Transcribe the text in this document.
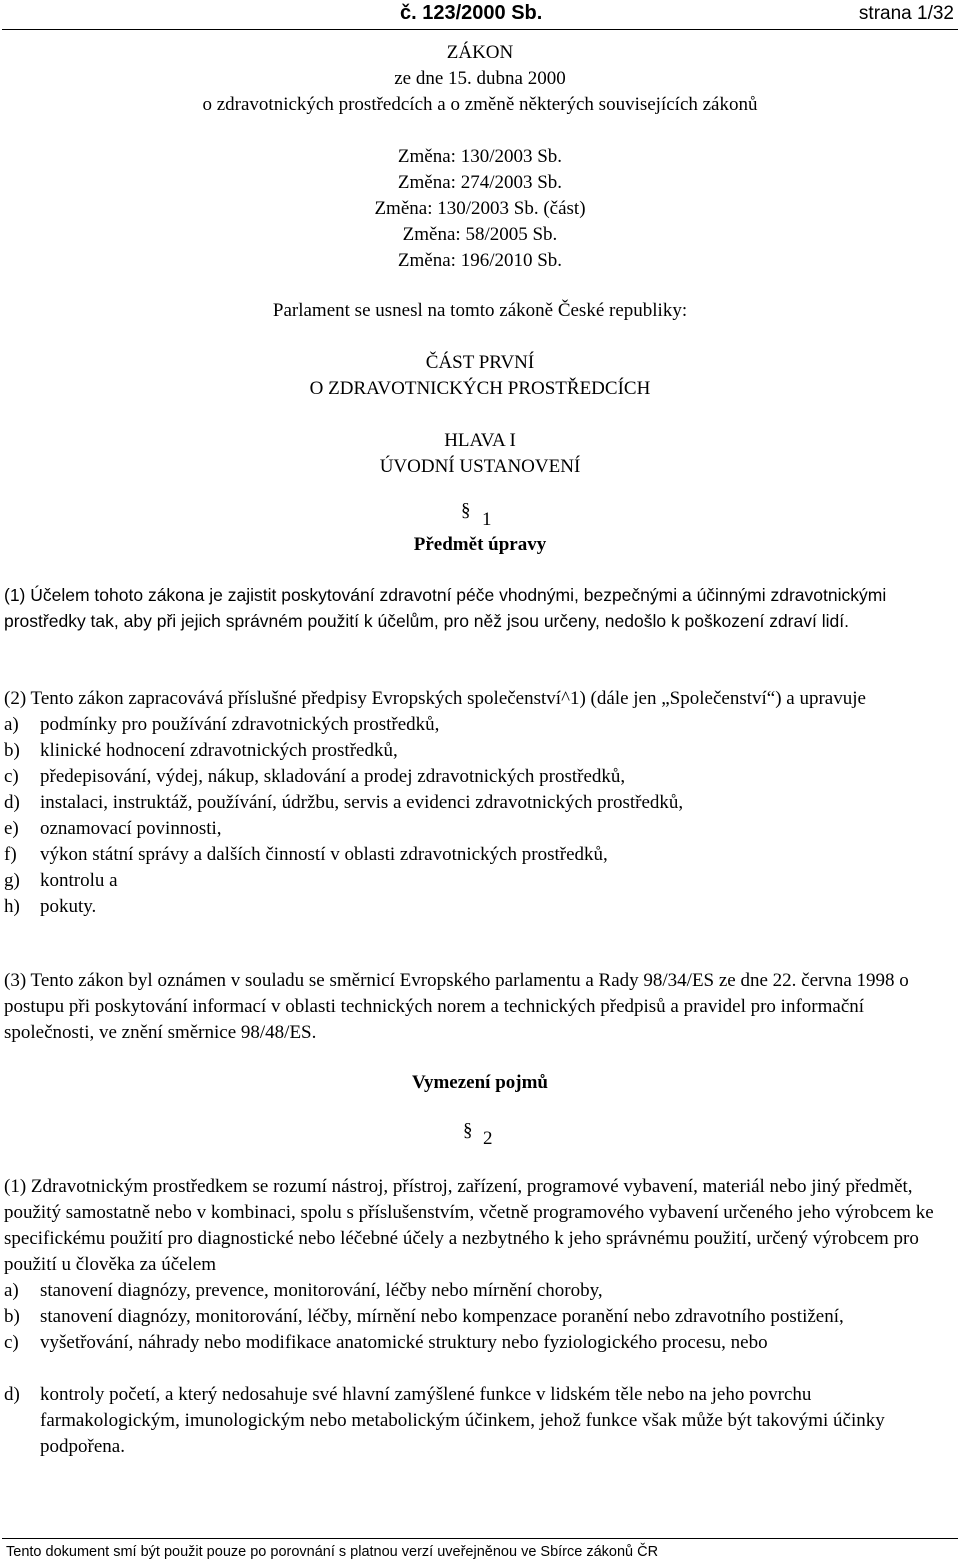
č. 123/2000 Sb.	strana 1/32
ZÁKON
ze dne 15. dubna 2000
o zdravotnických prostředcích a o změně některých souvisejících zákonů
Změna: 130/2003 Sb.
Změna: 274/2003 Sb.
Změna: 130/2003 Sb. (část)
Změna: 58/2005 Sb.
Změna: 196/2010 Sb.
Parlament se usnesl na tomto zákoně České republiky:
ČÁST PRVNÍ
O ZDRAVOTNICKÝCH PROSTŘEDCÍCH
HLAVA I
ÚVODNÍ USTANOVENÍ
§ 1
Předmět úpravy
(1) Účelem tohoto zákona je zajistit poskytování zdravotní péče vhodnými, bezpečnými a účinnými zdravotnickými prostředky tak, aby při jejich správném použití k účelům, pro něž jsou určeny, nedošlo k poškození zdraví lidí.
(2) Tento zákon zapracovává příslušné předpisy Evropských společenství^1) (dále jen „Společenství“) a upravuje
a) podmínky pro používání zdravotnických prostředků,
b) klinické hodnocení zdravotnických prostředků,
c) předepisování, výdej, nákup, skladování a prodej zdravotnických prostředků,
d) instalaci, instruktáž, používání, údržbu, servis a evidenci zdravotnických prostředků,
e) oznamovací povinnosti,
f) výkon státní správy a dalších činností v oblasti zdravotnických prostředků,
g) kontrolu a
h) pokuty.
(3) Tento zákon byl oznámen v souladu se směrnicí Evropského parlamentu a Rady 98/34/ES ze dne 22. června 1998 o postupu při poskytování informací v oblasti technických norem a technických předpisů a pravidel pro informační společnosti, ve znění směrnice 98/48/ES.
Vymezení pojmů
§ 2
(1) Zdravotnickým prostředkem se rozumí nástroj, přístroj, zařízení, programové vybavení, materiál nebo jiný předmět, použitý samostatně nebo v kombinaci, spolu s příslušenstvím, včetně programového vybavení určeného jeho výrobcem ke specifickému použití pro diagnostické nebo léčebné účely a nezbytného k jeho správnému použití, určený výrobcem pro použití u člověka za účelem
a) stanovení diagnózy, prevence, monitorování, léčby nebo mírnění choroby,
b) stanovení diagnózy, monitorování, léčby, mírnění nebo kompenzace poranění nebo zdravotního postižení,
c) vyšetřování, náhrady nebo modifikace anatomické struktury nebo fyziologického procesu, nebo
d) kontroly početí, a který nedosahuje své hlavní zamýšlené funkce v lidském těle nebo na jeho povrchu farmakologickým, imunologickým nebo metabolickým účinkem, jehož funkce však může být takovými účinky podpořena.
Tento dokument smí být použit pouze po porovnání s platnou verzí uveřejněnou ve Sbírce zákonů ČR
